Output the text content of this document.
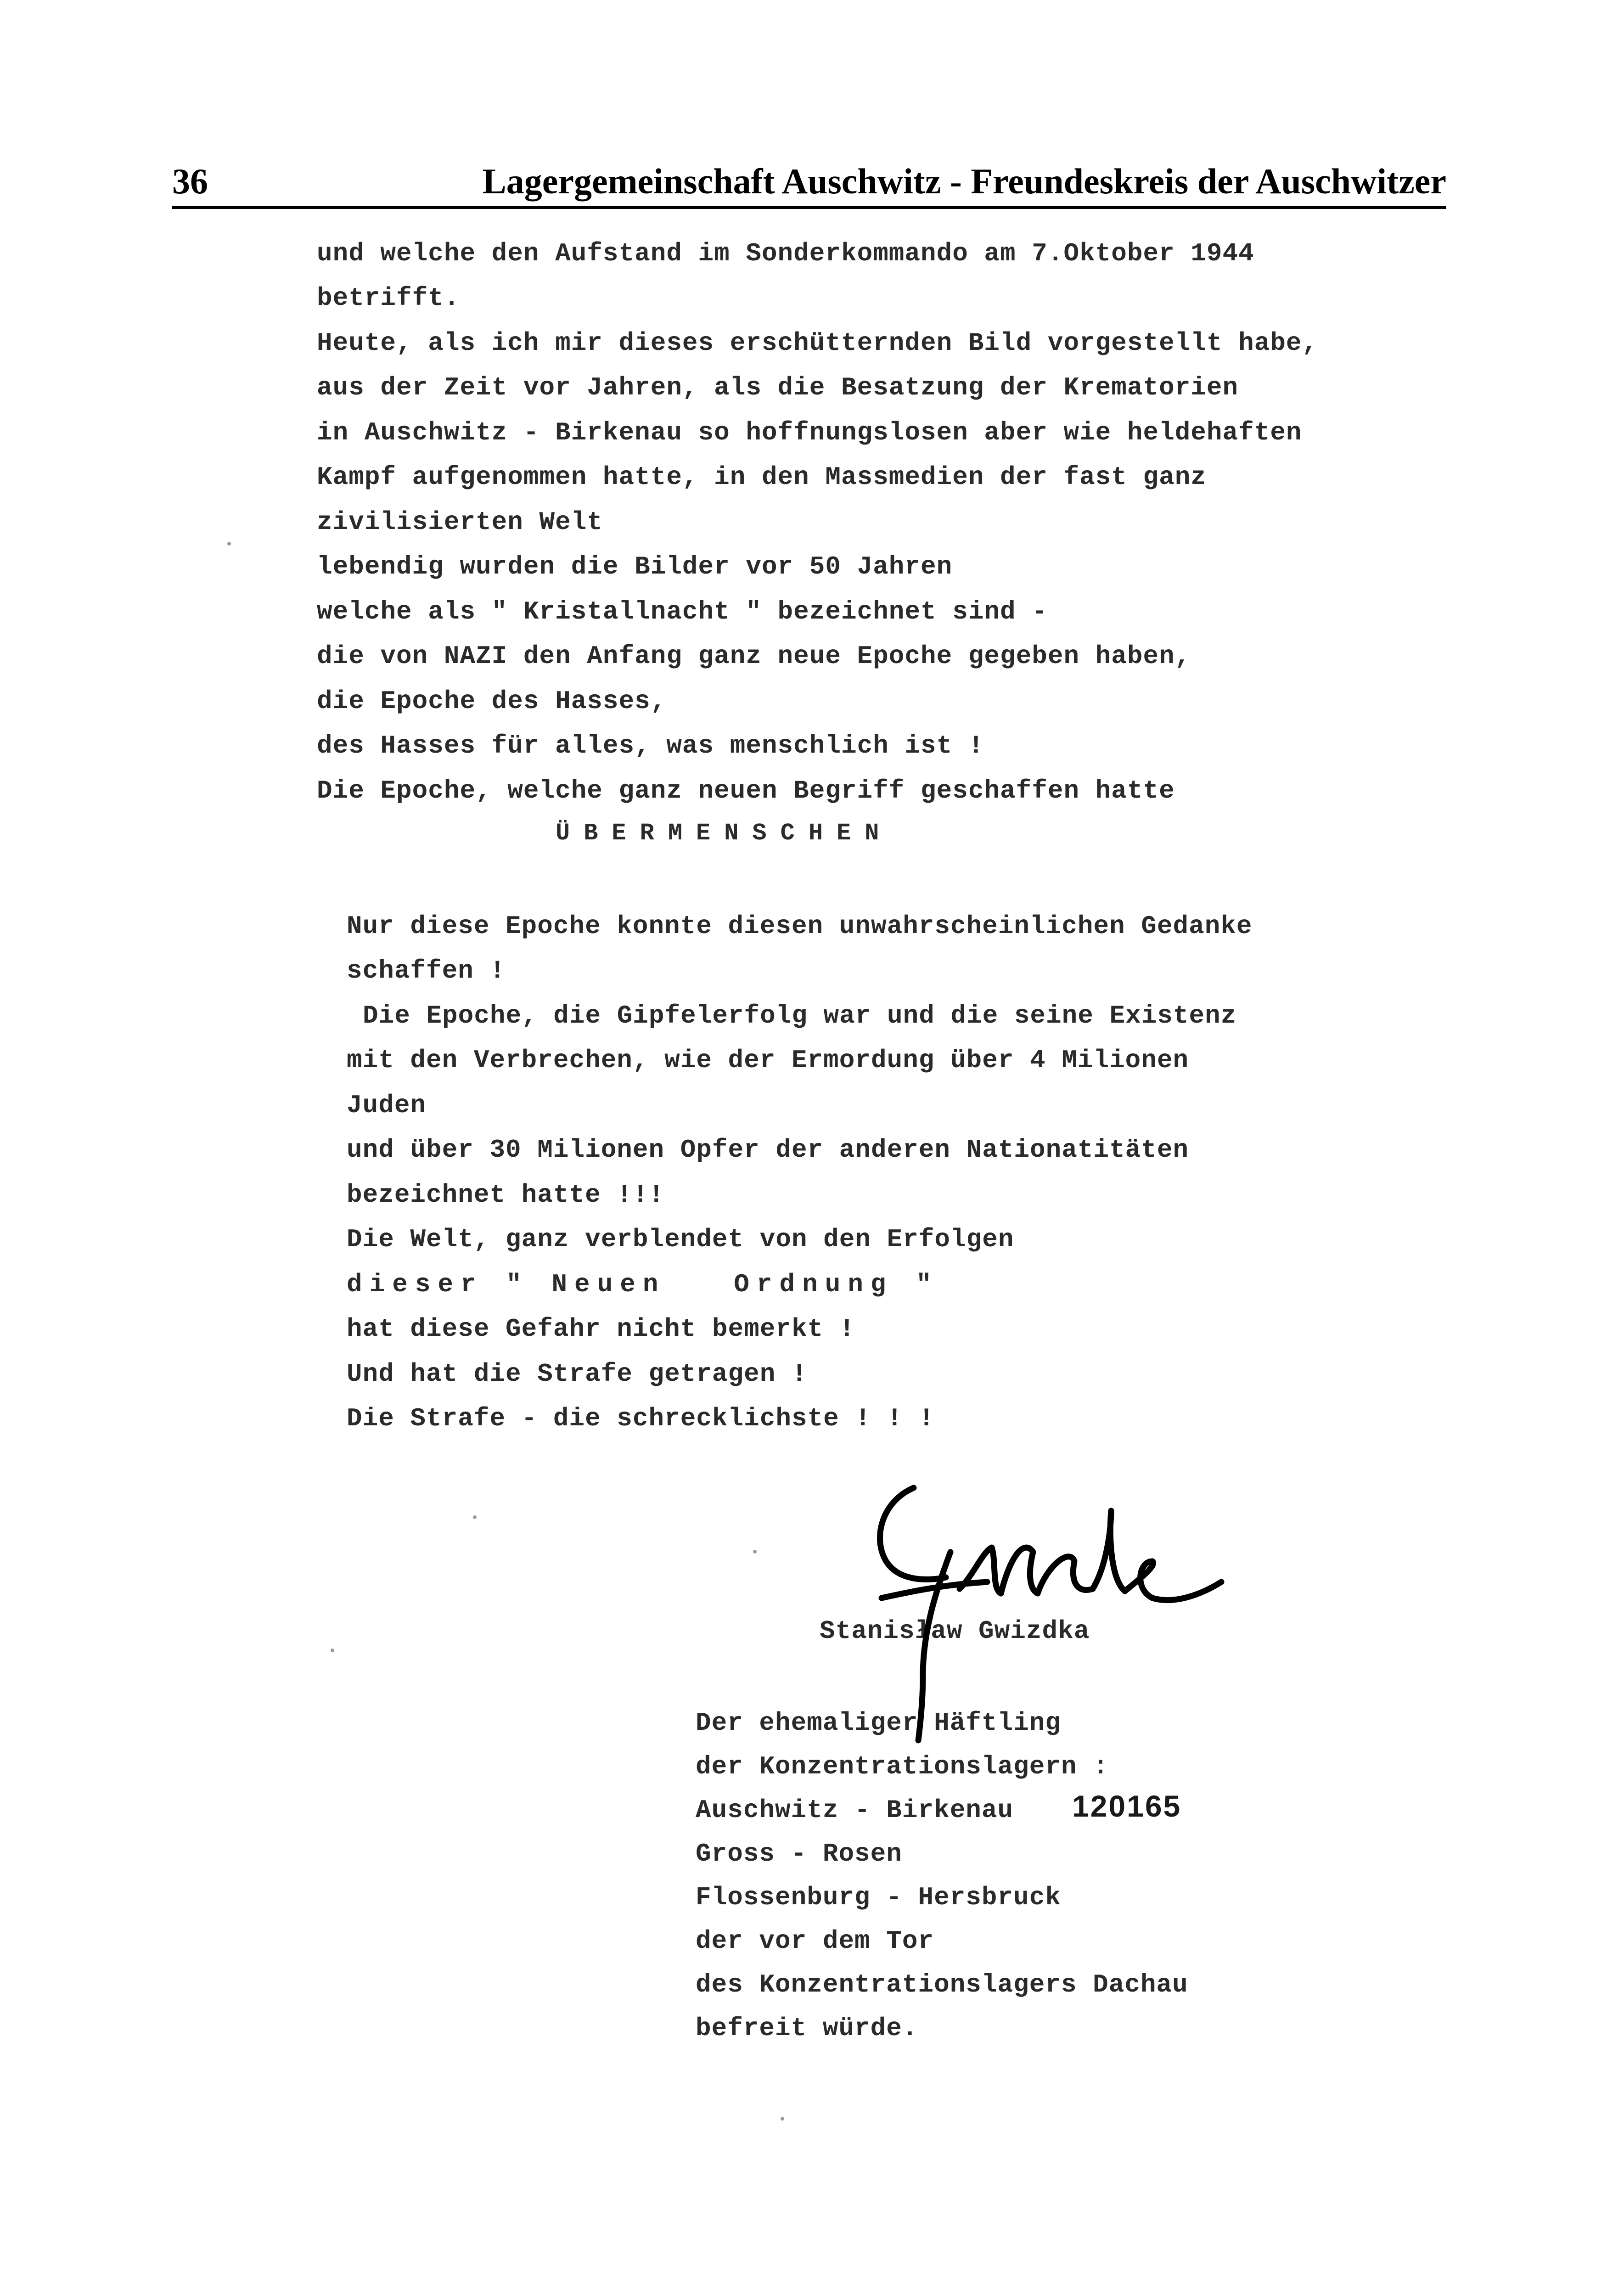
36	Lagergemeinschaft Auschwitz - Freundeskreis der Auschwitzer

und welche den Aufstand im Sonderkommando am 7.Oktober 1944

betrifft.

Heute, als ich mir dieses erschütternden Bild vorgestellt habe,

aus der Zeit vor Jahren, als die Besatzung der Krematorien

in Auschwitz - Birkenau so hoffnungslosen aber wie heldehaften

Kampf aufgenommen hatte, in den Massmedien der fast ganz

zivilisierten Welt

lebendig wurden die Bilder vor 50 Jahren

welche als " Kristallnacht " bezeichnet sind -

die von NAZI den Anfang ganz neue Epoche gegeben haben,

die Epoche des Hasses,

des Hasses für alles, was menschlich ist !

Die Epoche, welche ganz neuen Begriff geschaffen hatte

ÜBERMENSCHEN

Nur diese Epoche konnte diesen unwahrscheinlichen Gedanke

schaffen !

Die Epoche, die Gipfelerfolg war und die seine Existenz

mit den Verbrechen, wie der Ermordung über 4 Milionen

Juden

und über 30 Milionen Opfer der anderen Nationatitäten

bezeichnet hatte !!!

Die Welt, ganz verblendet von den Erfolgen

dieser " Neuen   Ordnung "

hat diese Gefahr nicht bemerkt !

Und hat die Strafe getragen !

Die Strafe - die schrecklichste ! ! !

Stanisław Gwizdka

Der ehemaliger Häftling

der Konzentrationslagern :

Auschwitz - Birkenau

120165

Gross - Rosen

Flossenburg - Hersbruck

der vor dem Tor

des Konzentrationslagers Dachau

befreit würde.
